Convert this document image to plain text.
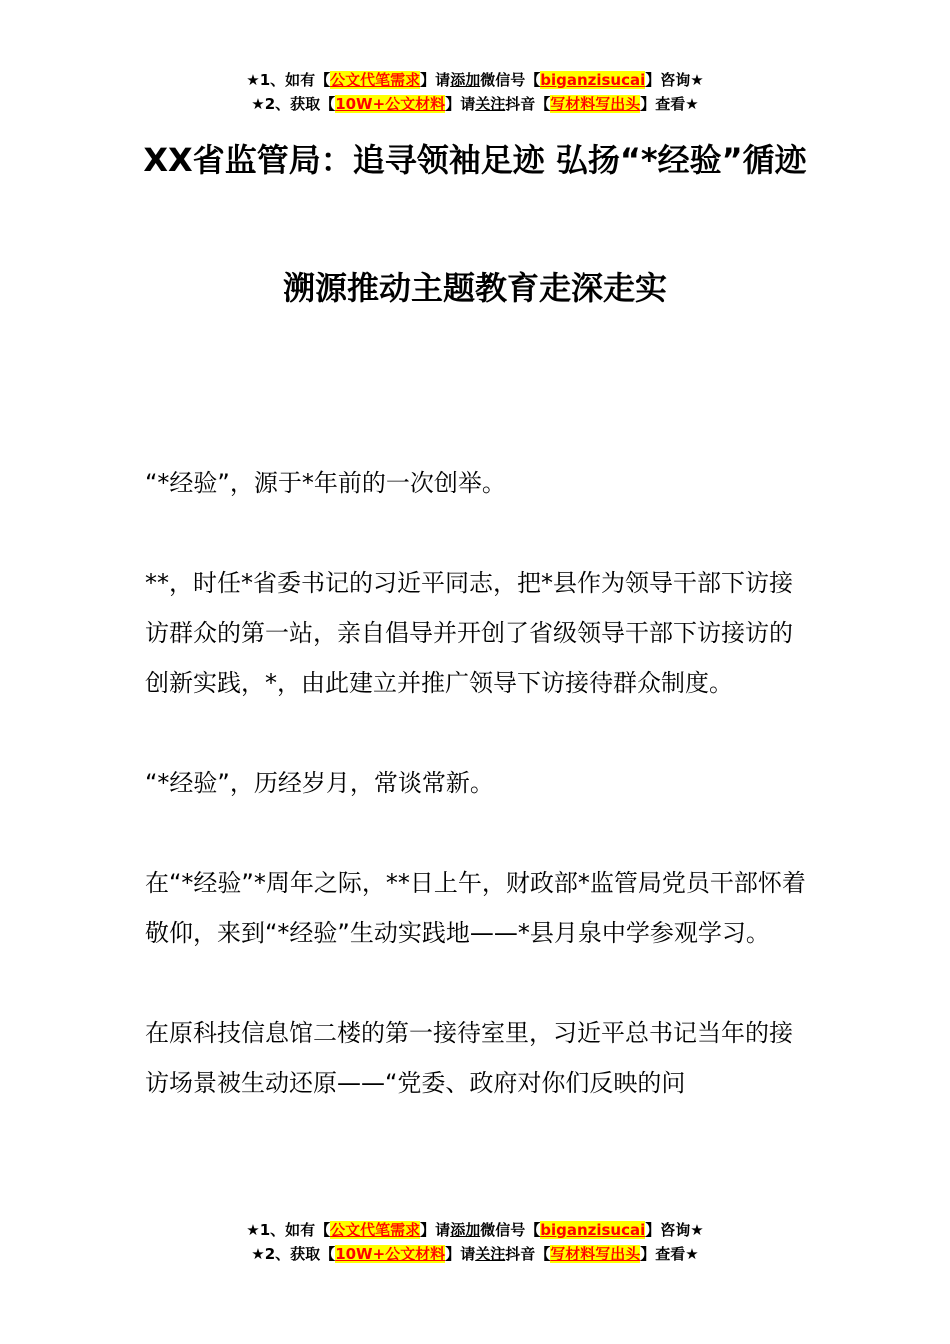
★1、如有【公文代笔需求】请添加微信号【biganzisucai】咨询★
★2、获取【10W+公文材料】请关注抖音【写材料写出头】查看★
XX省监管局：追寻领袖足迹 弘扬“*经验”循迹溯源推动主题教育走深走实

“*经验”，源于*年前的一次创举。

**，时任*省委书记的习近平同志，把*县作为领导干部下访接访群众的第一站，亲自倡导并开创了省级领导干部下访接访的创新实践，*，由此建立并推广领导下访接待群众制度。

“*经验”，历经岁月，常谈常新。

在“*经验”*周年之际，**日上午，财政部*监管局党员干部怀着敬仰，来到“*经验”生动实践地——*县月泉中学参观学习。

在原科技信息馆二楼的第一接待室里，习近平总书记当年的接访场景被生动还原——“党委、政府对你们反映的问

★1、如有【公文代笔需求】请添加微信号【biganzisucai】咨询★
★2、获取【10W+公文材料】请关注抖音【写材料写出头】查看★
